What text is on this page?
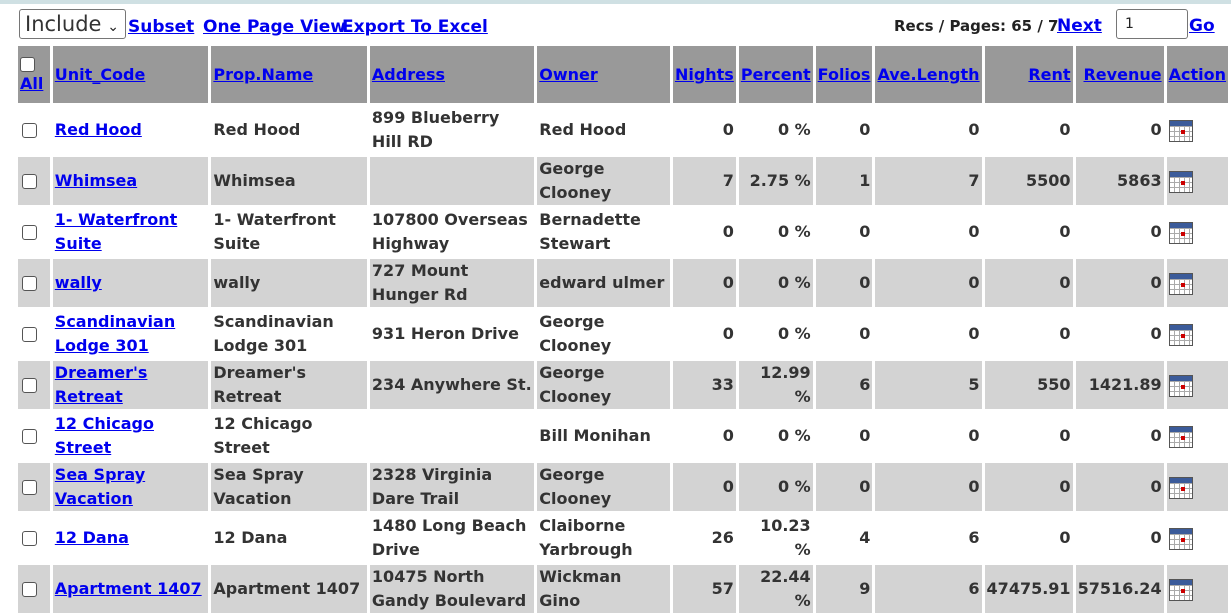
Include ⌄ Subset One Page View
Export To Excel	Recs / Pages: 65 / 7
Next	1	Go
All	Unit_Code	Prop.Name	Address	Owner	Nights	Percent	Folios	Ave.Length	Rent	Revenue	Action
	Red Hood	Red Hood	899 Blueberry Hill RD	Red Hood	0	0 %	0	0	0	0	
	Whimsea	Whimsea		George Clooney	7	2.75 %	1	7	5500	5863	
	1- Waterfront Suite	1- Waterfront Suite	107800 Overseas Highway	Bernadette Stewart	0	0 %	0	0	0	0	
	wally	wally	727 Mount Hunger Rd	edward ulmer	0	0 %	0	0	0	0	
	Scandinavian Lodge 301	Scandinavian Lodge 301	931 Heron Drive	George Clooney	0	0 %	0	0	0	0	
	Dreamer's Retreat	Dreamer's Retreat	234 Anywhere St.	George Clooney	33	12.99 %	6	5	550	1421.89	
	12 Chicago Street	12 Chicago Street		Bill Monihan	0	0 %	0	0	0	0	
	Sea Spray Vacation	Sea Spray Vacation	2328 Virginia Dare Trail	George Clooney	0	0 %	0	0	0	0	
	12 Dana	12 Dana	1480 Long Beach Drive	Claiborne Yarbrough	26	10.23 %	4	6	0	0	
	Apartment 1407	Apartment 1407	10475 North Gandy Boulevard	Wickman Gino	57	22.44 %	9	6	47475.91	57516.24	
